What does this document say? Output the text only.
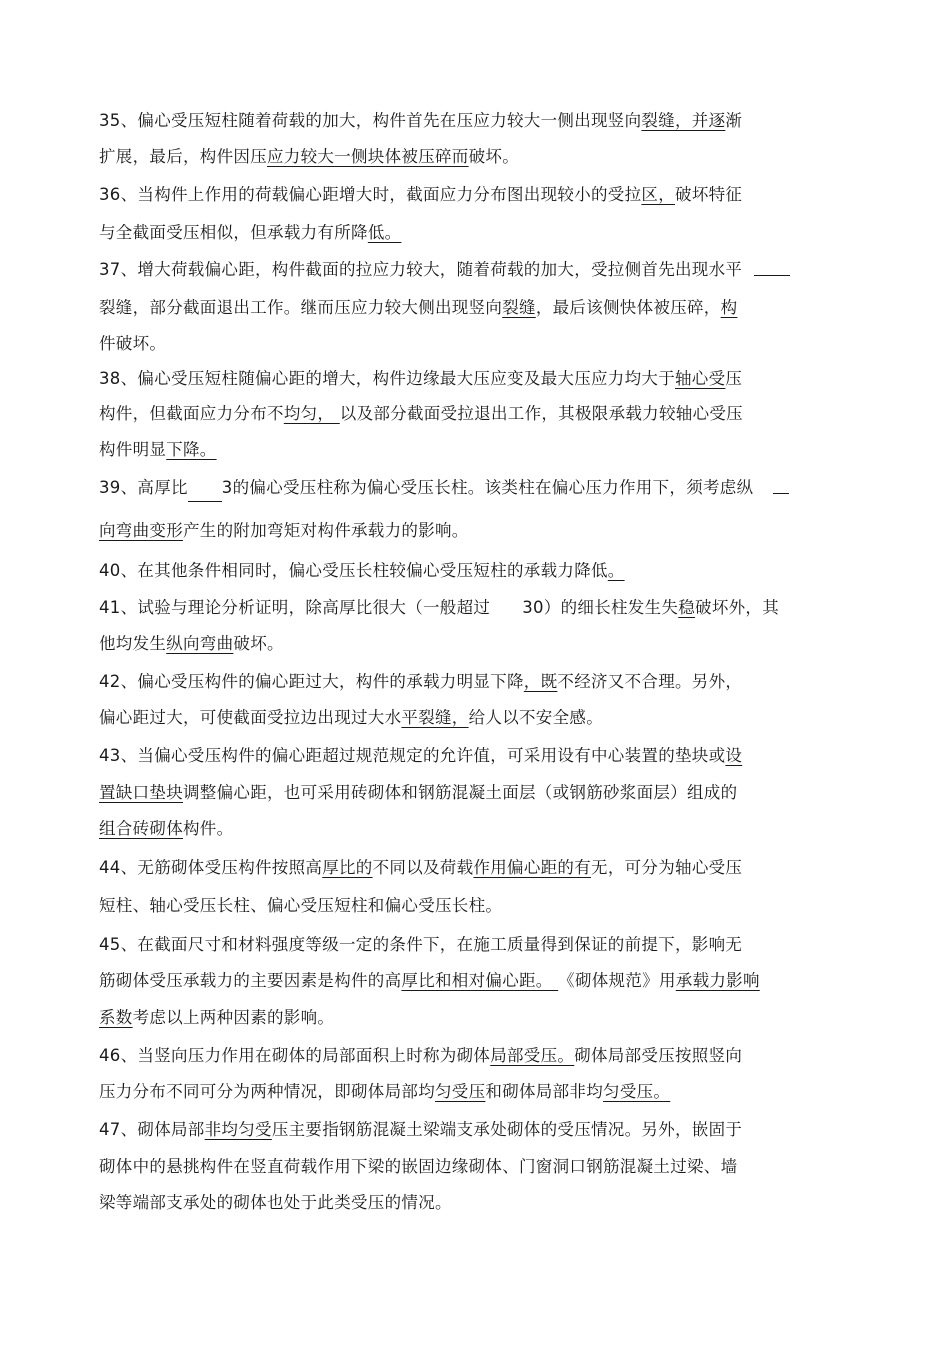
35、偏心受压短柱随着荷载的加大，构件首先在压应力较大一侧出现竖向裂缝，并逐渐
扩展，最后，构件因压应力较大一侧块体被压碎而破坏。
36、当构件上作用的荷载偏心距增大时，截面应力分布图出现较小的受拉区，破坏特征
与全截面受压相似，但承载力有所降低。
37、增大荷载偏心距，构件截面的拉应力较大，随着荷载的加大，受拉侧首先出现水平
裂缝，部分截面退出工作。继而压应力较大侧出现竖向裂缝，最后该侧快体被压碎，构
件破坏。
38、偏心受压短柱随偏心距的增大，构件边缘最大压应变及最大压应力均大于轴心受压
构件，但截面应力分布不均匀， 以及部分截面受拉退出工作，其极限承载力较轴心受压
构件明显下降。
39、高厚比 3的偏心受压柱称为偏心受压长柱。该类柱在偏心压力作用下，须考虑纵
向弯曲变形产生的附加弯矩对构件承载力的影响。
40、在其他条件相同时，偏心受压长柱较偏心受压短柱的承载力降低。
41、试验与理论分析证明，除高厚比很大（一般超过 30）的细长柱发生失稳破坏外，其
他均发生纵向弯曲破坏。
42、偏心受压构件的偏心距过大，构件的承载力明显下降，既不经济又不合理。另外，
偏心距过大，可使截面受拉边出现过大水平裂缝，给人以不安全感。
43、当偏心受压构件的偏心距超过规范规定的允许值，可采用设有中心装置的垫块或设
置缺口垫块调整偏心距，也可采用砖砌体和钢筋混凝土面层（或钢筋砂浆面层）组成的
组合砖砌体构件。
44、无筋砌体受压构件按照高厚比的不同以及荷载作用偏心距的有无，可分为轴心受压
短柱、轴心受压长柱、偏心受压短柱和偏心受压长柱。
45、在截面尺寸和材料强度等级一定的条件下，在施工质量得到保证的前提下，影响无
筋砌体受压承载力的主要因素是构件的高厚比和相对偏心距。 《砌体规范》用承载力影响
系数考虑以上两种因素的影响。
46、当竖向压力作用在砌体的局部面积上时称为砌体局部受压。砌体局部受压按照竖向
压力分布不同可分为两种情况，即砌体局部均匀受压和砌体局部非均匀受压。
47、砌体局部非均匀受压主要指钢筋混凝土梁端支承处砌体的受压情况。另外，嵌固于
砌体中的悬挑构件在竖直荷载作用下梁的嵌固边缘砌体、门窗洞口钢筋混凝土过梁、墙
梁等端部支承处的砌体也处于此类受压的情况。
